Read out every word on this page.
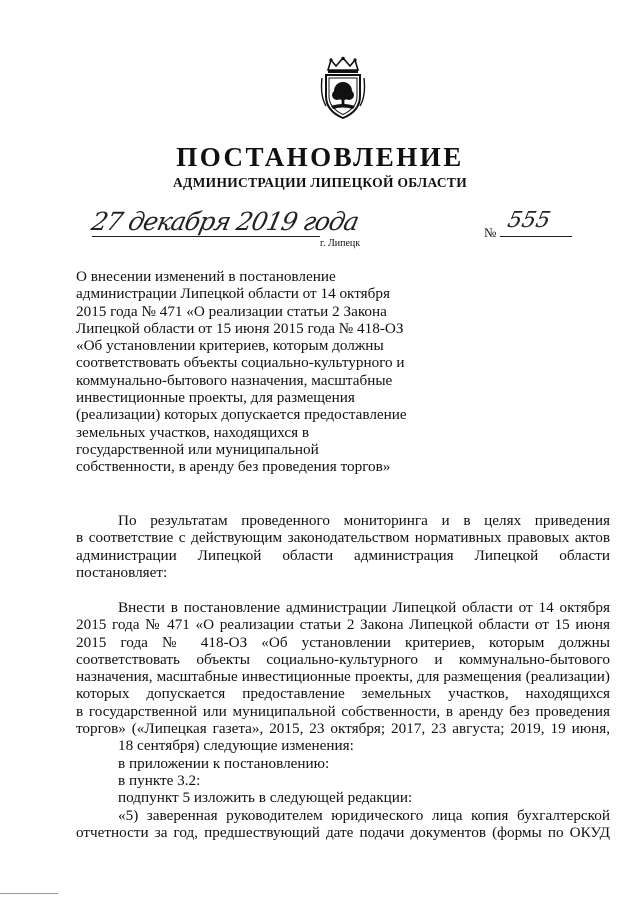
·
ПОСТАНОВЛЕНИЕ
АДМИНИСТРАЦИИ ЛИПЕЦКОЙ ОБЛАСТИ
27 декабря 2019 года
г. Липецк
№ 555

О внесении изменений в постановление
администрации Липецкой области от 14 октября
2015 года № 471 «О реализации статьи 2 Закона
Липецкой области от 15 июня 2015 года № 418-ОЗ
«Об установлении критериев, которым должны
соответствовать объекты социально-культурного и
коммунально-бытового назначения, масштабные
инвестиционные проекты, для размещения
(реализации) которых допускается предоставление
земельных участков, находящихся в
государственной или муниципальной
собственности, в аренду без проведения торгов»

По результатам проведенного мониторинга и в целях приведения
в соответствие с действующим законодательством нормативных правовых актов
администрации Липецкой области администрация Липецкой области
постановляет:

Внести в постановление администрации Липецкой области от 14 октября
2015 года № 471 «О реализации статьи 2 Закона Липецкой области от 15 июня
2015 года № 418-ОЗ «Об установлении критериев, которым должны
соответствовать объекты социально-культурного и коммунально-бытового
назначения, масштабные инвестиционные проекты, для размещения (реализации)
которых допускается предоставление земельных участков, находящихся
в государственной или муниципальной собственности, в аренду без проведения
торгов» («Липецкая газета», 2015, 23 октября; 2017, 23 августа; 2019, 19 июня,
18 сентября) следующие изменения:
в приложении к постановлению:
в пункте 3.2:
подпункт 5 изложить в следующей редакции:
«5) заверенная руководителем юридического лица копия бухгалтерской
отчетности за год, предшествующий дате подачи документов (формы по ОКУД
